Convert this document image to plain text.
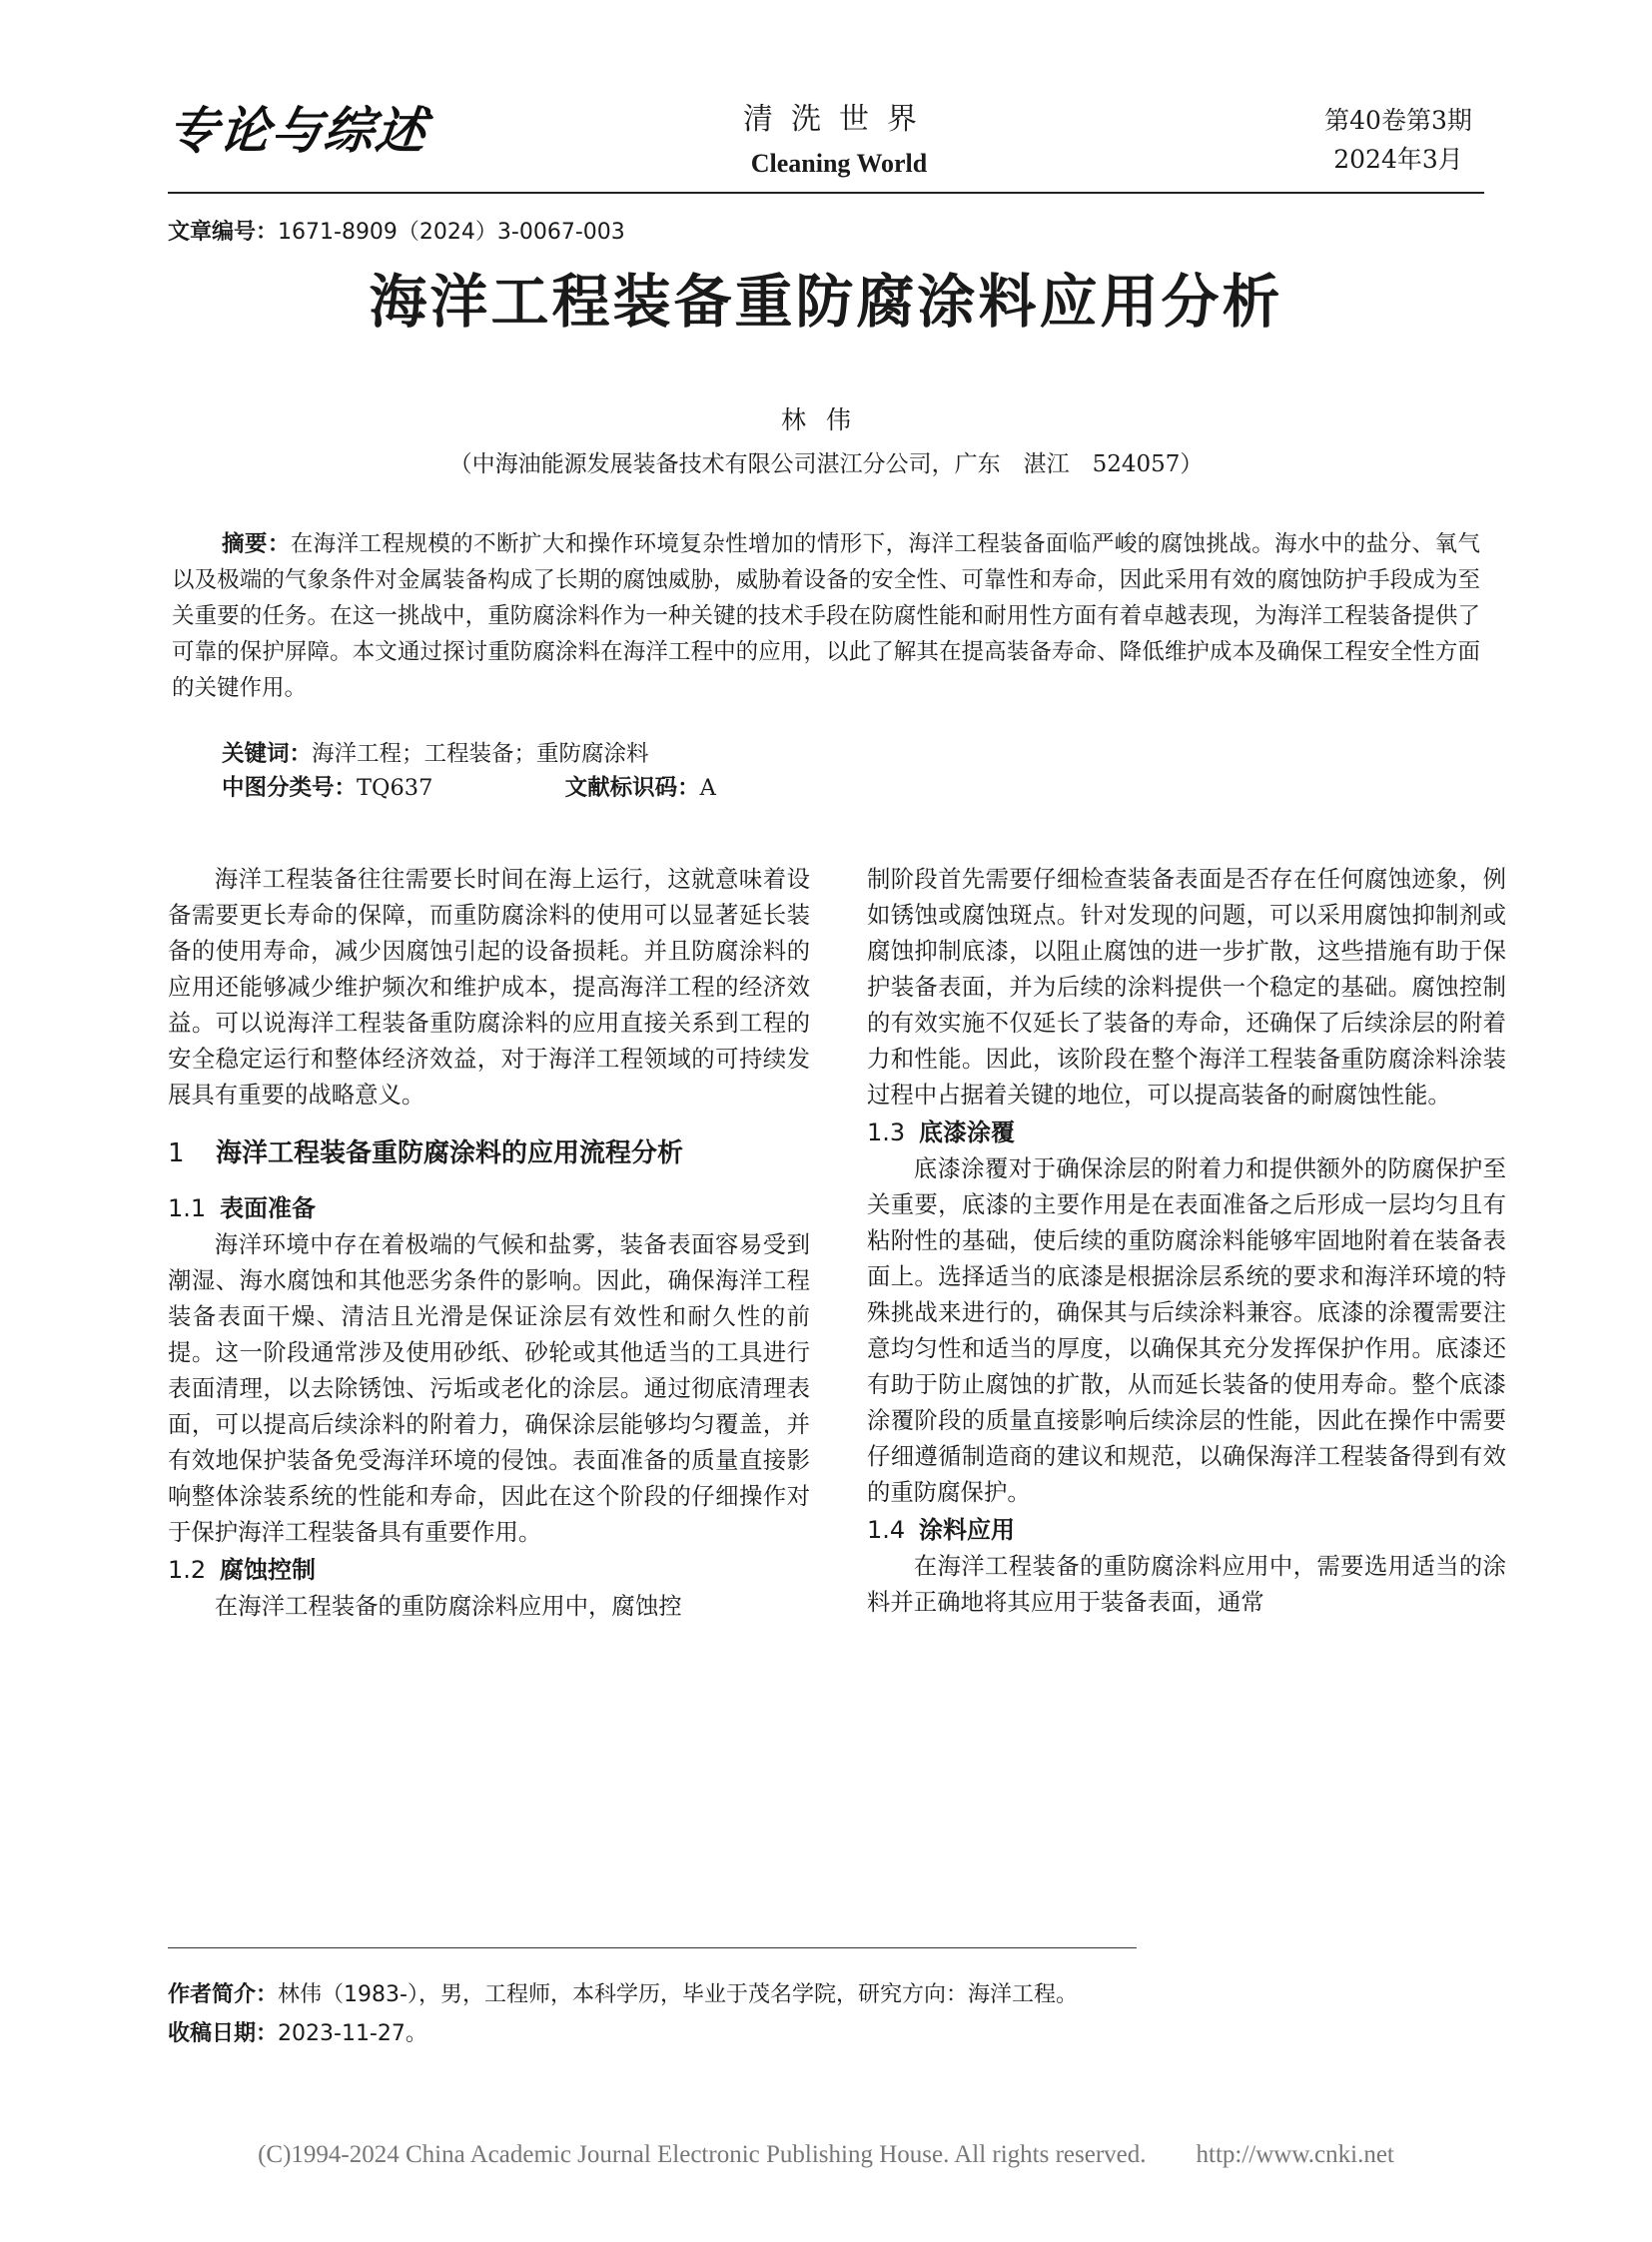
专论与综述	清洗世界
Cleaning World
第40卷第3期
2024年3月
文章编号：1671-8909（2024）3-0067-003
海洋工程装备重防腐涂料应用分析
林伟
（中海油能源发展装备技术有限公司湛江分公司，广东　湛江　524057）
摘要：在海洋工程规模的不断扩大和操作环境复杂性增加的情形下，海洋工程装备面临严峻的腐蚀挑战。海水中的盐分、氧气以及极端的气象条件对金属装备构成了长期的腐蚀威胁，威胁着设备的安全性、可靠性和寿命，因此采用有效的腐蚀防护手段成为至关重要的任务。在这一挑战中，重防腐涂料作为一种关键的技术手段在防腐性能和耐用性方面有着卓越表现，为海洋工程装备提供了可靠的保护屏障。本文通过探讨重防腐涂料在海洋工程中的应用，以此了解其在提高装备寿命、降低维护成本及确保工程安全性方面的关键作用。
关键词：海洋工程；工程装备；重防腐涂料
中图分类号：TQ637	文献标识码：A

海洋工程装备往往需要长时间在海上运行，这就意味着设备需要更长寿命的保障，而重防腐涂料的使用可以显著延长装备的使用寿命，减少因腐蚀引起的设备损耗。并且防腐涂料的应用还能够减少维护频次和维护成本，提高海洋工程的经济效益。可以说海洋工程装备重防腐涂料的应用直接关系到工程的安全稳定运行和整体经济效益，对于海洋工程领域的可持续发展具有重要的战略意义。

1 海洋工程装备重防腐涂料的应用流程分析
1.1 表面准备

海洋环境中存在着极端的气候和盐雾，装备表面容易受到潮湿、海水腐蚀和其他恶劣条件的影响。因此，确保海洋工程装备表面干燥、清洁且光滑是保证涂层有效性和耐久性的前提。这一阶段通常涉及使用砂纸、砂轮或其他适当的工具进行表面清理，以去除锈蚀、污垢或老化的涂层。通过彻底清理表面，可以提高后续涂料的附着力，确保涂层能够均匀覆盖，并有效地保护装备免受海洋环境的侵蚀。表面准备的质量直接影响整体涂装系统的性能和寿命，因此在这个阶段的仔细操作对于保护海洋工程装备具有重要作用。

1.2 腐蚀控制

在海洋工程装备的重防腐涂料应用中，腐蚀控

制阶段首先需要仔细检查装备表面是否存在任何腐蚀迹象，例如锈蚀或腐蚀斑点。针对发现的问题，可以采用腐蚀抑制剂或腐蚀抑制底漆，以阻止腐蚀的进一步扩散，这些措施有助于保护装备表面，并为后续的涂料提供一个稳定的基础。腐蚀控制的有效实施不仅延长了装备的寿命，还确保了后续涂层的附着力和性能。因此，该阶段在整个海洋工程装备重防腐涂料涂装过程中占据着关键的地位，可以提高装备的耐腐蚀性能。

1.3 底漆涂覆

底漆涂覆对于确保涂层的附着力和提供额外的防腐保护至关重要，底漆的主要作用是在表面准备之后形成一层均匀且有粘附性的基础，使后续的重防腐涂料能够牢固地附着在装备表面上。选择适当的底漆是根据涂层系统的要求和海洋环境的特殊挑战来进行的，确保其与后续涂料兼容。底漆的涂覆需要注意均匀性和适当的厚度，以确保其充分发挥保护作用。底漆还有助于防止腐蚀的扩散，从而延长装备的使用寿命。整个底漆涂覆阶段的质量直接影响后续涂层的性能，因此在操作中需要仔细遵循制造商的建议和规范，以确保海洋工程装备得到有效的重防腐保护。

1.4 涂料应用

在海洋工程装备的重防腐涂料应用中，需要选用适当的涂料并正确地将其应用于装备表面，通常

作者简介：林伟（1983-），男，工程师，本科学历，毕业于茂名学院，研究方向：海洋工程。
收稿日期：2023-11-27。
(C)1994-2024 China Academic Journal Electronic Publishing House. All rights reserved.　　http://www.cnki.net
